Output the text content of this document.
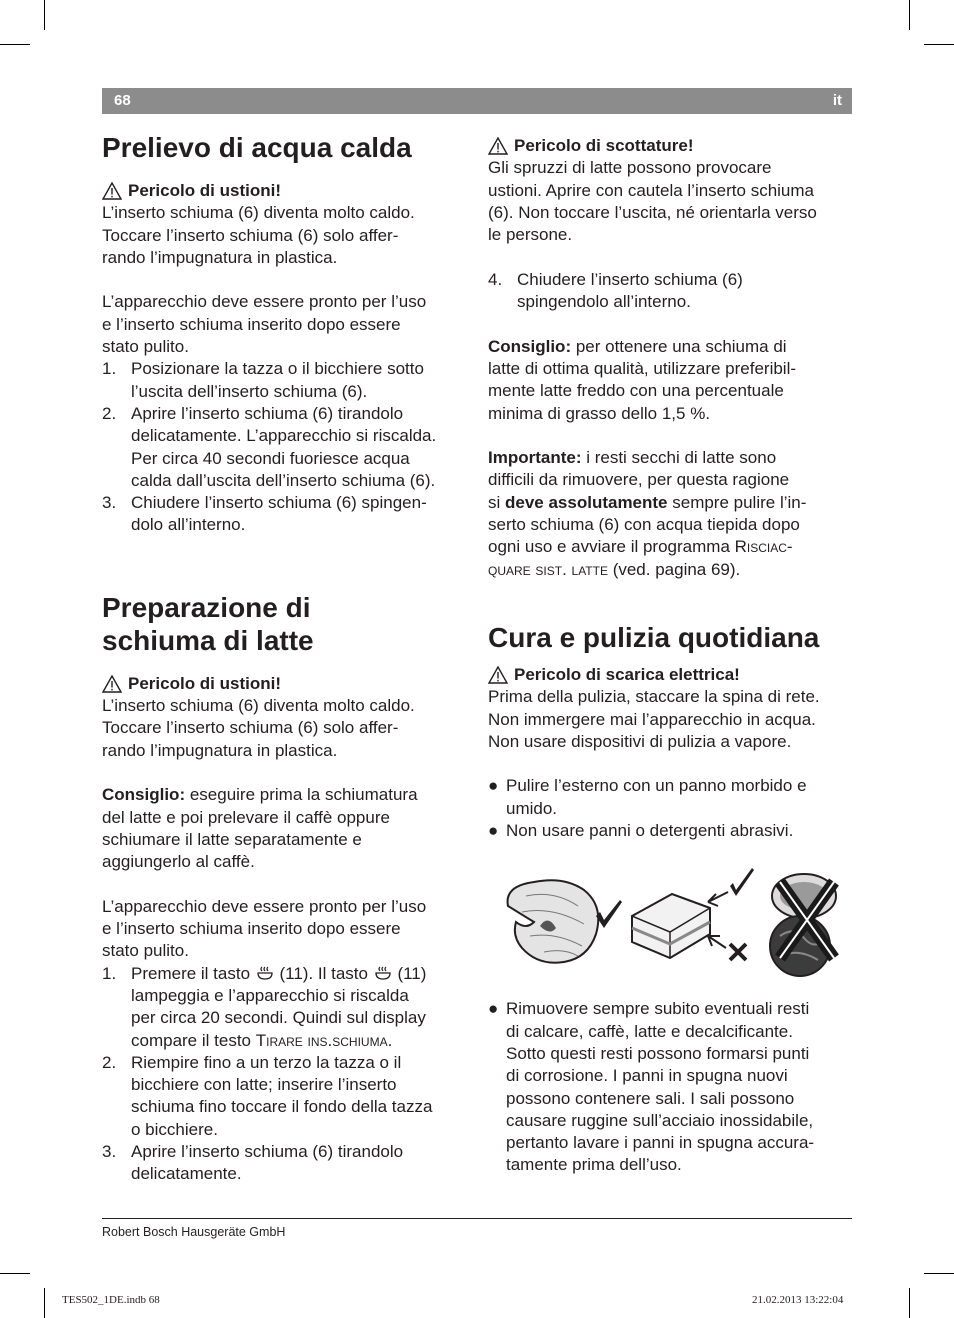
68	it
Prelievo di acqua calda

Pericolo di ustioni!

L’inserto schiuma (6) diventa molto caldo.

Toccare l’inserto schiuma (6) solo affer-

rando l’impugnatura in plastica.

L’apparecchio deve essere pronto per l’uso

e l’inserto schiuma inserito dopo essere

stato pulito.

1. Posizionare la tazza o il bicchiere sotto

l’uscita dell’inserto schiuma (6).

2. Aprire l’inserto schiuma (6) tirandolo

delicatamente. L’apparecchio si riscalda.

Per circa 40 secondi fuoriesce acqua

calda dall’uscita dell’inserto schiuma (6).

3. Chiudere l’inserto schiuma (6) spingen-

dolo all’interno.

Preparazione di
schiuma di latte

Pericolo di ustioni!

L’inserto schiuma (6) diventa molto caldo.

Toccare l’inserto schiuma (6) solo affer-

rando l’impugnatura in plastica.

Consiglio: eseguire prima la schiumatura

del latte e poi prelevare il caffè oppure

schiumare il latte separatamente e

aggiungerlo al caffè.

L’apparecchio deve essere pronto per l’uso

e l’inserto schiuma inserito dopo essere

stato pulito.

1. Premere il tasto  (11). Il tasto  (11)

lampeggia e l’apparecchio si riscalda

per circa 20 secondi. Quindi sul display

compare il testo Tirare ins.schiuma.

2. Riempire fino a un terzo la tazza o il

bicchiere con latte; inserire l’inserto

schiuma fino toccare il fondo della tazza

o bicchiere.

3. Aprire l’inserto schiuma (6) tirandolo

delicatamente.

Pericolo di scottature!

Gli spruzzi di latte possono provocare

ustioni. Aprire con cautela l’inserto schiuma

(6). Non toccare l’uscita, né orientarla verso

le persone.

4. Chiudere l’inserto schiuma (6)

spingendolo all’interno.

Consiglio: per ottenere una schiuma di

latte di ottima qualità, utilizzare preferibil-

mente latte freddo con una percentuale

minima di grasso dello 1,5 %.

Importante: i resti secchi di latte sono

difficili da rimuovere, per questa ragione

si deve assolutamente sempre pulire l’in-

serto schiuma (6) con acqua tiepida dopo

ogni uso e avviare il programma Risciac-

quare sist. latte (ved. pagina 69).

Cura e pulizia quotidiana

Pericolo di scarica elettrica!

Prima della pulizia, staccare la spina di rete.

Non immergere mai l’apparecchio in acqua.

Non usare dispositivi di pulizia a vapore.

● Pulire l’esterno con un panno morbido e

umido.

● Non usare panni o detergenti abrasivi.

● Rimuovere sempre subito eventuali resti

di calcare, caffè, latte e decalcificante.

Sotto questi resti possono formarsi punti

di corrosione. I panni in spugna nuovi

possono contenere sali. I sali possono

causare ruggine sull’acciaio inossidabile,

pertanto lavare i panni in spugna accura-

tamente prima dell’uso.

Robert Bosch Hausgeräte GmbH
TES502_1DE.indb 68	21.02.2013 13:22:04
